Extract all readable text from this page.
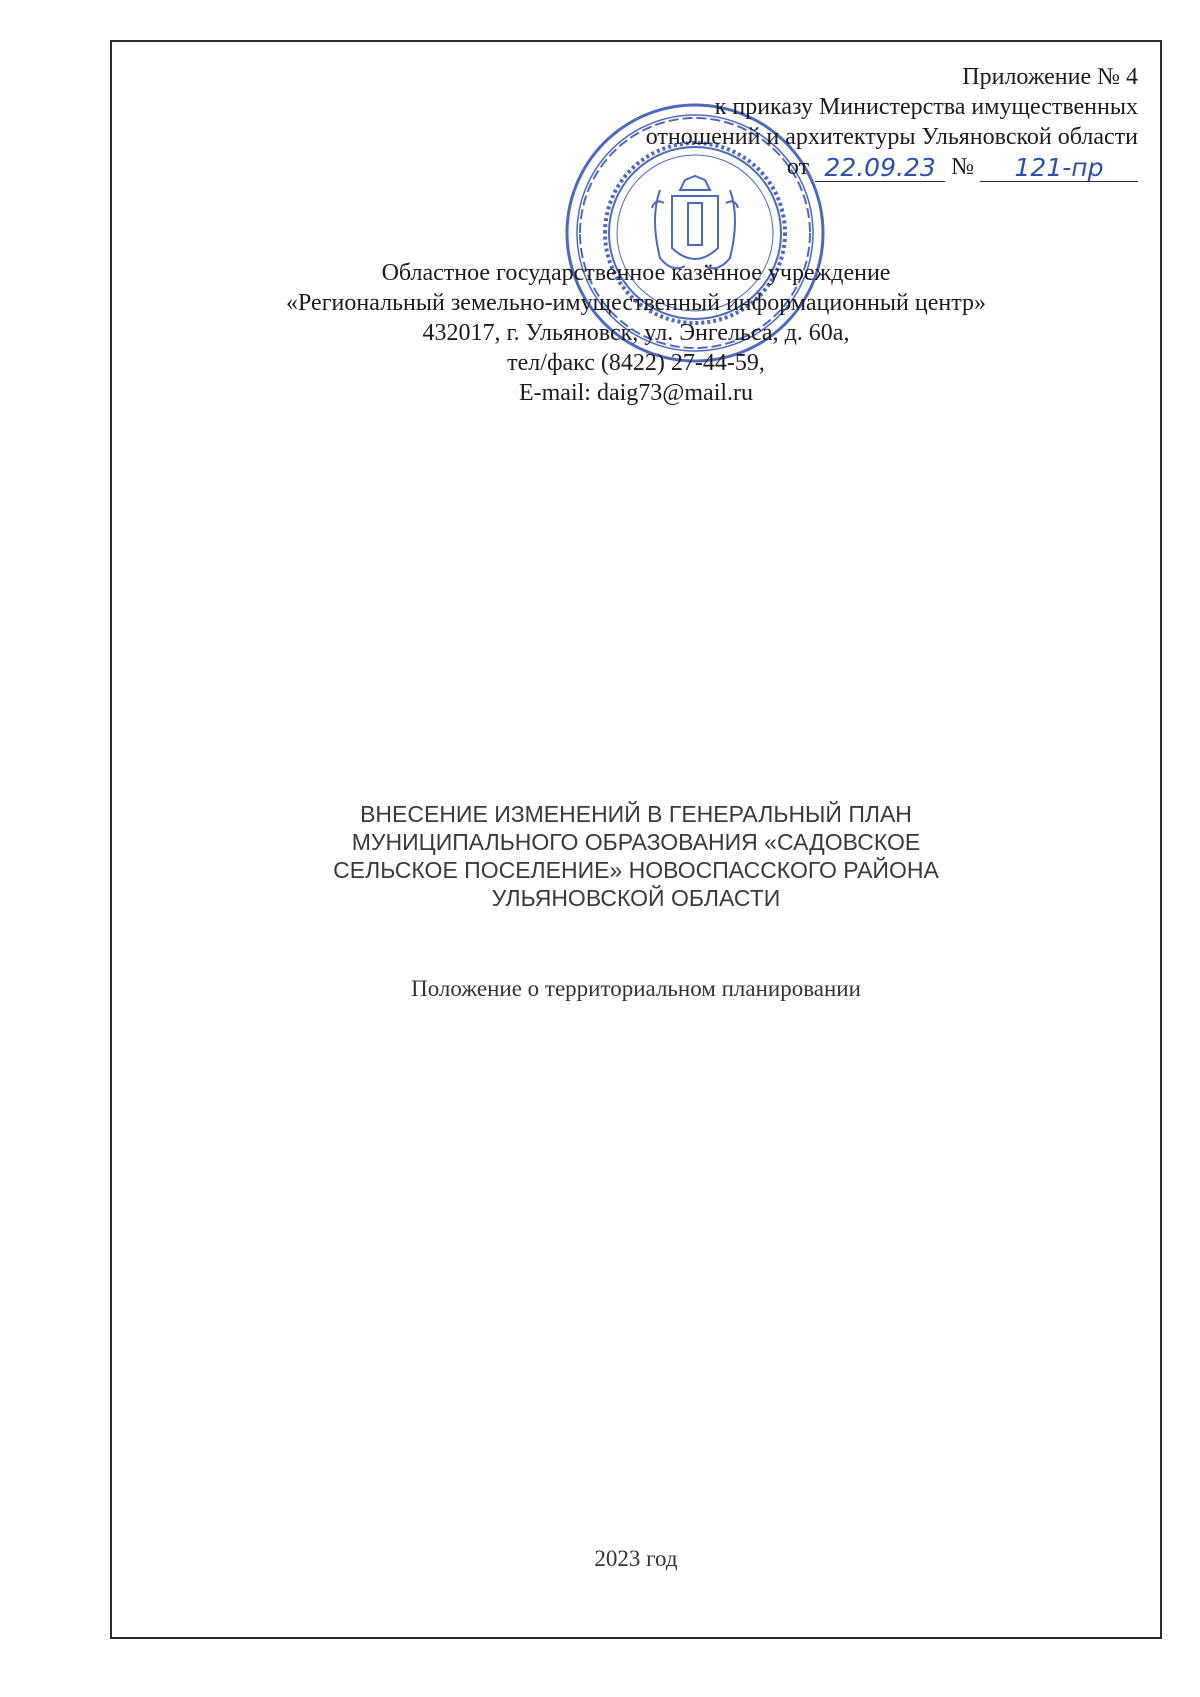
Приложение № 4
к приказу Министерства имущественных
отношений и архитектуры Ульяновской области
от 22.09.23 №	121-пр
Областное государственное казённое учреждение
«Региональный земельно-имущественный информационный центр»
432017, г. Ульяновск, ул. Энгельса, д. 60а,
тел/факс (8422) 27-44-59,
E-mail: daig73@mail.ru
ВНЕСЕНИЕ ИЗМЕНЕНИЙ В ГЕНЕРАЛЬНЫЙ ПЛАН
МУНИЦИПАЛЬНОГО ОБРАЗОВАНИЯ «САДОВСКОЕ
СЕЛЬСКОЕ ПОСЕЛЕНИЕ» НОВОСПАССКОГО РАЙОНА
УЛЬЯНОВСКОЙ ОБЛАСТИ
Положение о территориальном планировании
2023 год
